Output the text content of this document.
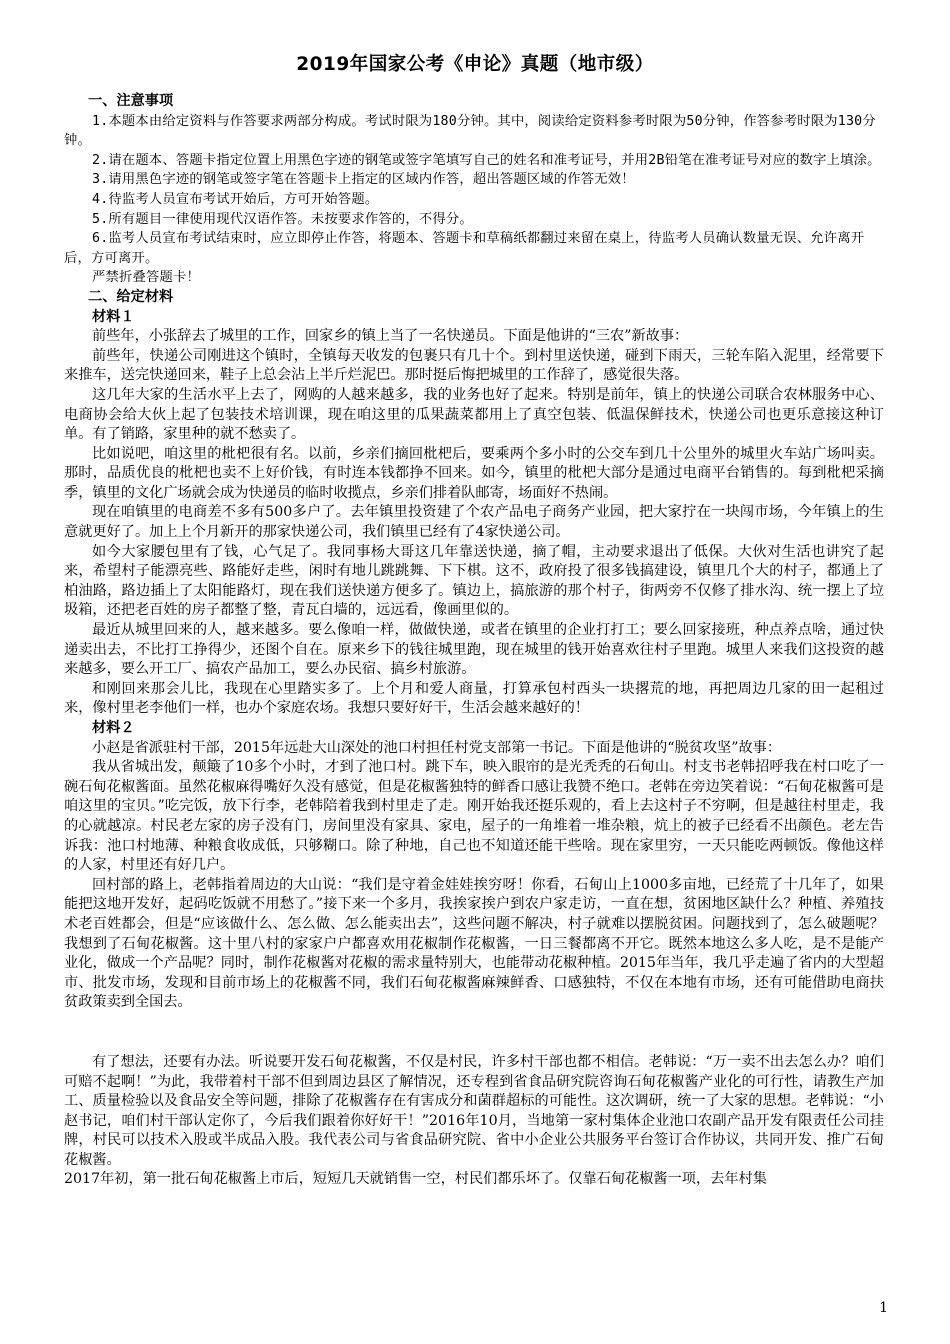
2019年国家公考《申论》真题（地市级）

一、注意事项

1.本题本由给定资料与作答要求两部分构成。考试时限为180分钟。其中，阅读给定资料参考时限为50分钟，作答参考时限为130分钟。

2.请在题本、答题卡指定位置上用黑色字迹的钢笔或签字笔填写自己的姓名和准考证号，并用2B铅笔在准考证号对应的数字上填涂。

3.请用黑色字迹的钢笔或签字笔在答题卡上指定的区域内作答，超出答题区域的作答无效！

4.待监考人员宣布考试开始后，方可开始答题。

5.所有题目一律使用现代汉语作答。未按要求作答的，不得分。

6.监考人员宣布考试结束时，应立即停止作答，将题本、答题卡和草稿纸都翻过来留在桌上，待监考人员确认数量无误、允许离开后，方可离开。

严禁折叠答题卡！

二、给定材料

材料１

前些年，小张辞去了城里的工作，回家乡的镇上当了一名快递员。下面是他讲的“三农”新故事：

前些年，快递公司刚进这个镇时，全镇每天收发的包裹只有几十个。到村里送快递，碰到下雨天，三轮车陷入泥里，经常要下来推车，送完快递回来，鞋子上总会沾上半斤烂泥巴。那时挺后悔把城里的工作辞了，感觉很失落。

这几年大家的生活水平上去了，网购的人越来越多，我的业务也好了起来。特别是前年，镇上的快递公司联合农林服务中心、电商协会给大伙上起了包装技术培训课，现在咱这里的瓜果蔬菜都用上了真空包装、低温保鲜技术，快递公司也更乐意接这种订单。有了销路，家里种的就不愁卖了。

比如说吧，咱这里的枇杷很有名。以前，乡亲们摘回枇杷后，要乘两个多小时的公交车到几十公里外的城里火车站广场叫卖。那时，品质优良的枇杷也卖不上好价钱，有时连本钱都挣不回来。如今，镇里的枇杷大部分是通过电商平台销售的。每到枇杷采摘季，镇里的文化广场就会成为快递员的临时收揽点，乡亲们排着队邮寄，场面好不热闹。

现在咱镇里的电商差不多有500多户了。去年镇里投资建了个农产品电子商务产业园，把大家拧在一块闯市场，今年镇上的生意就更好了。加上上个月新开的那家快递公司，我们镇里已经有了4家快递公司。

如今大家腰包里有了钱，心气足了。我同事杨大哥这几年靠送快递，摘了帽，主动要求退出了低保。大伙对生活也讲究了起来，希望村子能漂亮些、路能好走些，闲时有地儿跳跳舞、下下棋。这不，政府投了很多钱搞建设，镇里几个大的村子，都通上了柏油路，路边插上了太阳能路灯，现在我们送快递方便多了。镇边上，搞旅游的那个村子，街两旁不仅修了排水沟、统一摆上了垃圾箱，还把老百姓的房子都整了整，青瓦白墙的，远远看，像画里似的。

最近从城里回来的人，越来越多。要么像咱一样，做做快递，或者在镇里的企业打打工；要么回家接班，种点养点啥，通过快递卖出去，不比打工挣得少，还图个自在。原来乡下的钱往城里跑，现在城里的钱开始喜欢往村子里跑。城里人来我们这投资的越来越多，要么开工厂、搞农产品加工，要么办民宿、搞乡村旅游。

和刚回来那会儿比，我现在心里踏实多了。上个月和爱人商量，打算承包村西头一块撂荒的地，再把周边几家的田一起租过来，像村里老李他们一样，也办个家庭农场。我想只要好好干，生活会越来越好的！

材料２

小赵是省派驻村干部，2015年远赴大山深处的池口村担任村党支部第一书记。下面是他讲的“脱贫攻坚”故事：

我从省城出发，颠簸了10多个小时，才到了池口村。跳下车，映入眼帘的是光秃秃的石甸山。村支书老韩招呼我在村口吃了一碗石甸花椒酱面。虽然花椒麻得嘴好久没有感觉，但是花椒酱独特的鲜香口感让我赞不绝口。老韩在旁边笑着说：“石甸花椒酱可是咱这里的宝贝。”吃完饭，放下行李，老韩陪着我到村里走了走。刚开始我还挺乐观的，看上去这村子不穷啊，但是越往村里走，我的心就越凉。村民老左家的房子没有门，房间里没有家具、家电，屋子的一角堆着一堆杂粮，炕上的被子已经看不出颜色。老左告诉我：池口村地薄、种粮食收成低，只够糊口。除了种地，自己也不知道还能干些啥。现在家里穷，一天只能吃两顿饭。像他这样的人家，村里还有好几户。

回村部的路上，老韩指着周边的大山说：“我们是守着金娃娃挨穷呀！你看，石甸山上1000多亩地，已经荒了十几年了，如果能把这地开发好，起码吃饭就不用愁了。”接下来一个多月，我挨家挨户到农户家走访，一直在想，贫困地区缺什么？种植、养殖技术老百姓都会，但是“应该做什么、怎么做、怎么能卖出去”，这些问题不解决，村子就难以摆脱贫困。问题找到了，怎么破题呢？我想到了石甸花椒酱。这十里八村的家家户户都喜欢用花椒制作花椒酱，一日三餐都离不开它。既然本地这么多人吃，是不是能产业化，做成一个产品呢？同时，制作花椒酱对花椒的需求量特别大，也能带动花椒种植。2015年当年，我几乎走遍了省内的大型超市、批发市场，发现和目前市场上的花椒酱不同，我们石甸花椒酱麻辣鲜香、口感独特，不仅在本地有市场，还有可能借助电商扶贫政策卖到全国去。

有了想法，还要有办法。听说要开发石甸花椒酱，不仅是村民，许多村干部也都不相信。老韩说：“万一卖不出去怎么办？咱们可赔不起啊！”为此，我带着村干部不但到周边县区了解情况，还专程到省食品研究院咨询石甸花椒酱产业化的可行性，请教生产加工、质量检验以及食品安全等问题，排除了花椒酱存在有害成分和菌群超标的可能性。这次调研，统一了大家的思想。老韩说：“小赵书记，咱们村干部认定你了，今后我们跟着你好好干！”2016年10月，当地第一家村集体企业池口农副产品开发有限责任公司挂牌，村民可以技术入股或半成品入股。我代表公司与省食品研究院、省中小企业公共服务平台签订合作协议，共同开发、推广石甸花椒酱。

2017年初，第一批石甸花椒酱上市后，短短几天就销售一空，村民们都乐坏了。仅靠石甸花椒酱一项，去年村集

1
